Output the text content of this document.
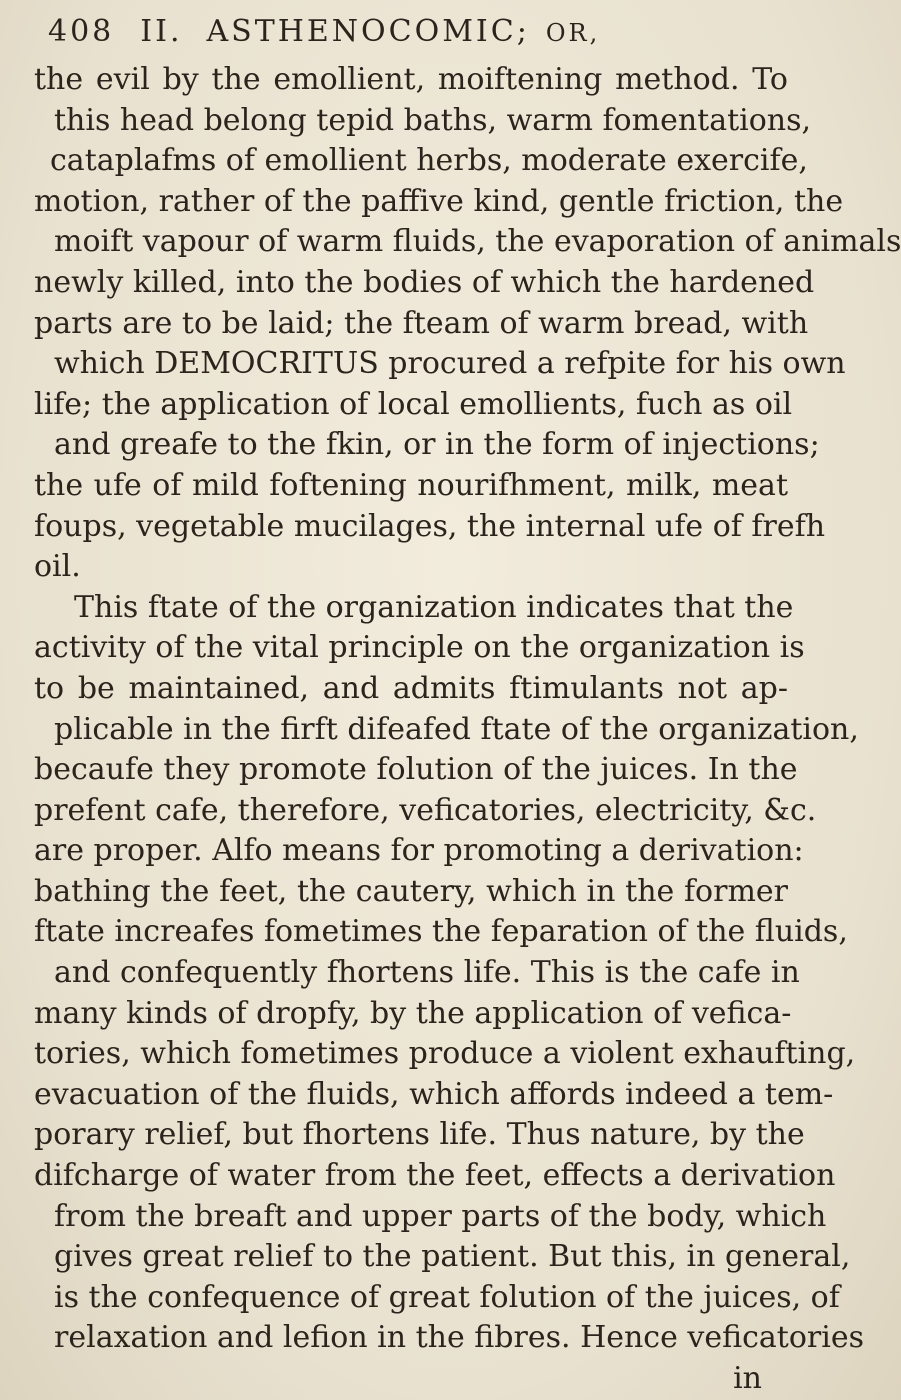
408 II. ASTHENOCOMIC; OR,
the evil by the emollient, moiftening method. To
this head belong tepid baths, warm fomentations,
cataplafms of emollient herbs, moderate exercife,
motion, rather of the paffive kind, gentle friction, the
moift vapour of warm fluids, the evaporation of animals
newly killed, into the bodies of which the hardened
parts are to be laid; the fteam of warm bread, with
which DEMOCRITUS procured a refpite for his own
life; the application of local emollients, fuch as oil
and greafe to the fkin, or in the form of injections;
the ufe of mild foftening nourifhment, milk, meat
foups, vegetable mucilages, the internal ufe of frefh
oil.
This ftate of the organization indicates that the
activity of the vital principle on the organization is
to be maintained, and admits ftimulants not ap-
plicable in the firft difeafed ftate of the organization,
becaufe they promote folution of the juices. In the
prefent cafe, therefore, veficatories, electricity, &c.
are proper. Alfo means for promoting a derivation:
bathing the feet, the cautery, which in the former
ftate increafes fometimes the feparation of the fluids,
and confequently fhortens life. This is the cafe in
many kinds of dropfy, by the application of vefica-
tories, which fometimes produce a violent exhaufting,
evacuation of the fluids, which affords indeed a tem-
porary relief, but fhortens life. Thus nature, by the
difcharge of water from the feet, effects a derivation
from the breaft and upper parts of the body, which
gives great relief to the patient. But this, in general,
is the confequence of great folution of the juices, of
relaxation and lefion in the fibres. Hence veficatories
in
